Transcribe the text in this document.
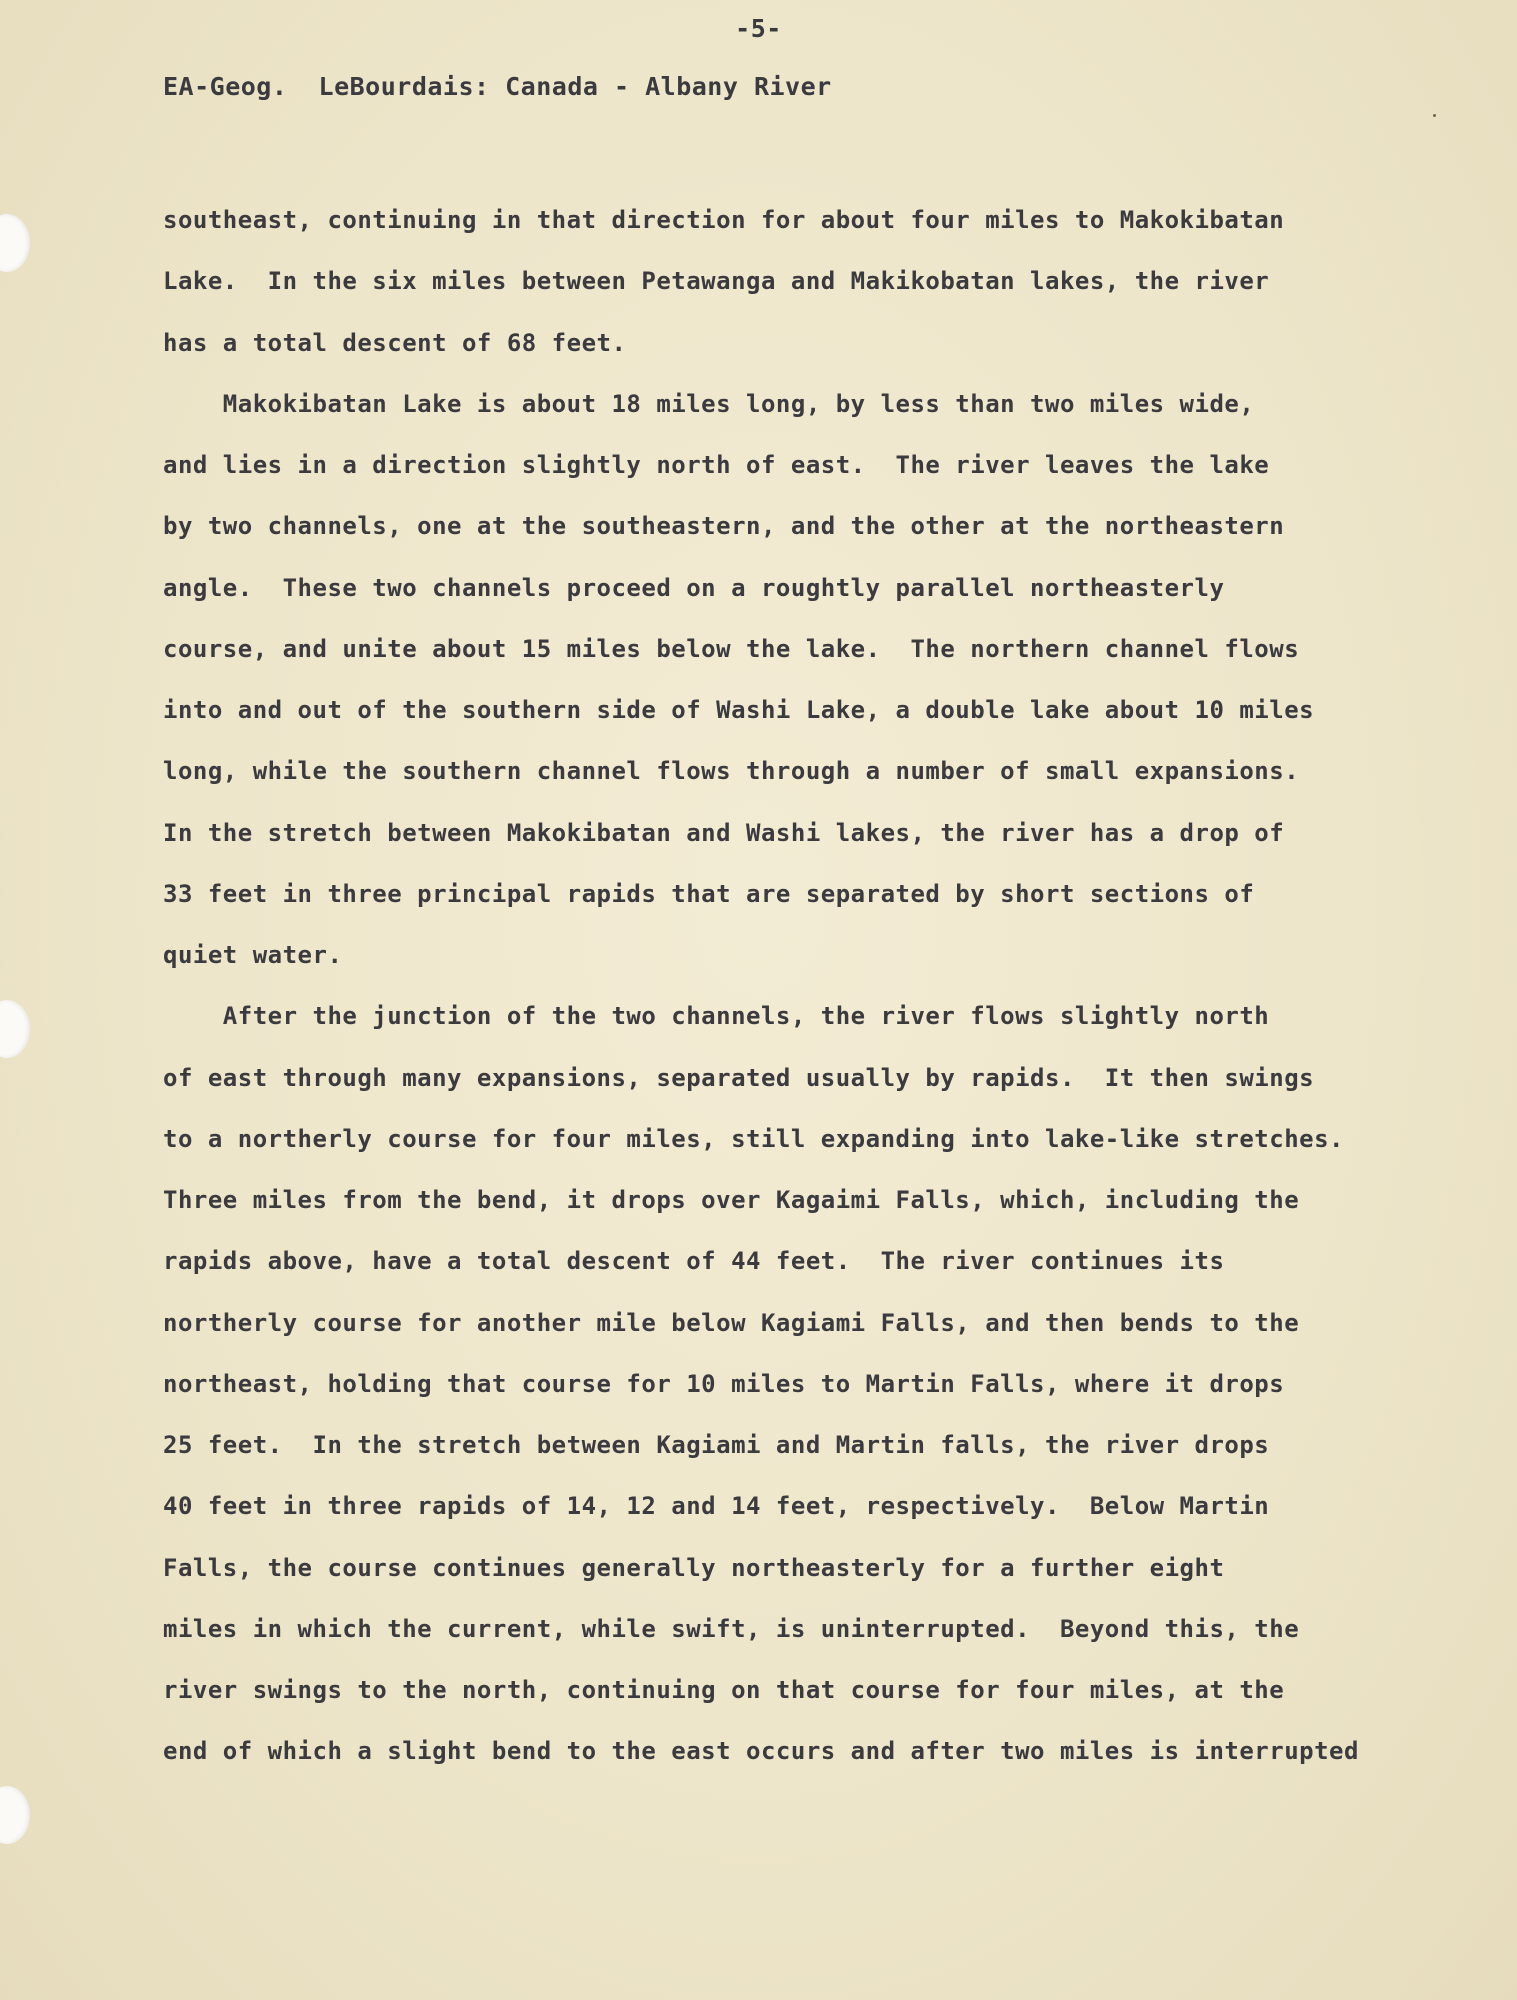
-5-
EA-Geog.  LeBourdais: Canada - Albany River
southeast, continuing in that direction for about four miles to Makokibatan
Lake.  In the six miles between Petawanga and Makikobatan lakes, the river
has a total descent of 68 feet.
Makokibatan Lake is about 18 miles long, by less than two miles wide,
and lies in a direction slightly north of east.  The river leaves the lake
by two channels, one at the southeastern, and the other at the northeastern
angle.  These two channels proceed on a roughtly parallel northeasterly
course, and unite about 15 miles below the lake.  The northern channel flows
into and out of the southern side of Washi Lake, a double lake about 10 miles
long, while the southern channel flows through a number of small expansions.
In the stretch between Makokibatan and Washi lakes, the river has a drop of
33 feet in three principal rapids that are separated by short sections of
quiet water.
After the junction of the two channels, the river flows slightly north
of east through many expansions, separated usually by rapids.  It then swings
to a northerly course for four miles, still expanding into lake-like stretches.
Three miles from the bend, it drops over Kagaimi Falls, which, including the
rapids above, have a total descent of 44 feet.  The river continues its
northerly course for another mile below Kagiami Falls, and then bends to the
northeast, holding that course for 10 miles to Martin Falls, where it drops
25 feet.  In the stretch between Kagiami and Martin falls, the river drops
40 feet in three rapids of 14, 12 and 14 feet, respectively.  Below Martin
Falls, the course continues generally northeasterly for a further eight
miles in which the current, while swift, is uninterrupted.  Beyond this, the
river swings to the north, continuing on that course for four miles, at the
end of which a slight bend to the east occurs and after two miles is interrupted
